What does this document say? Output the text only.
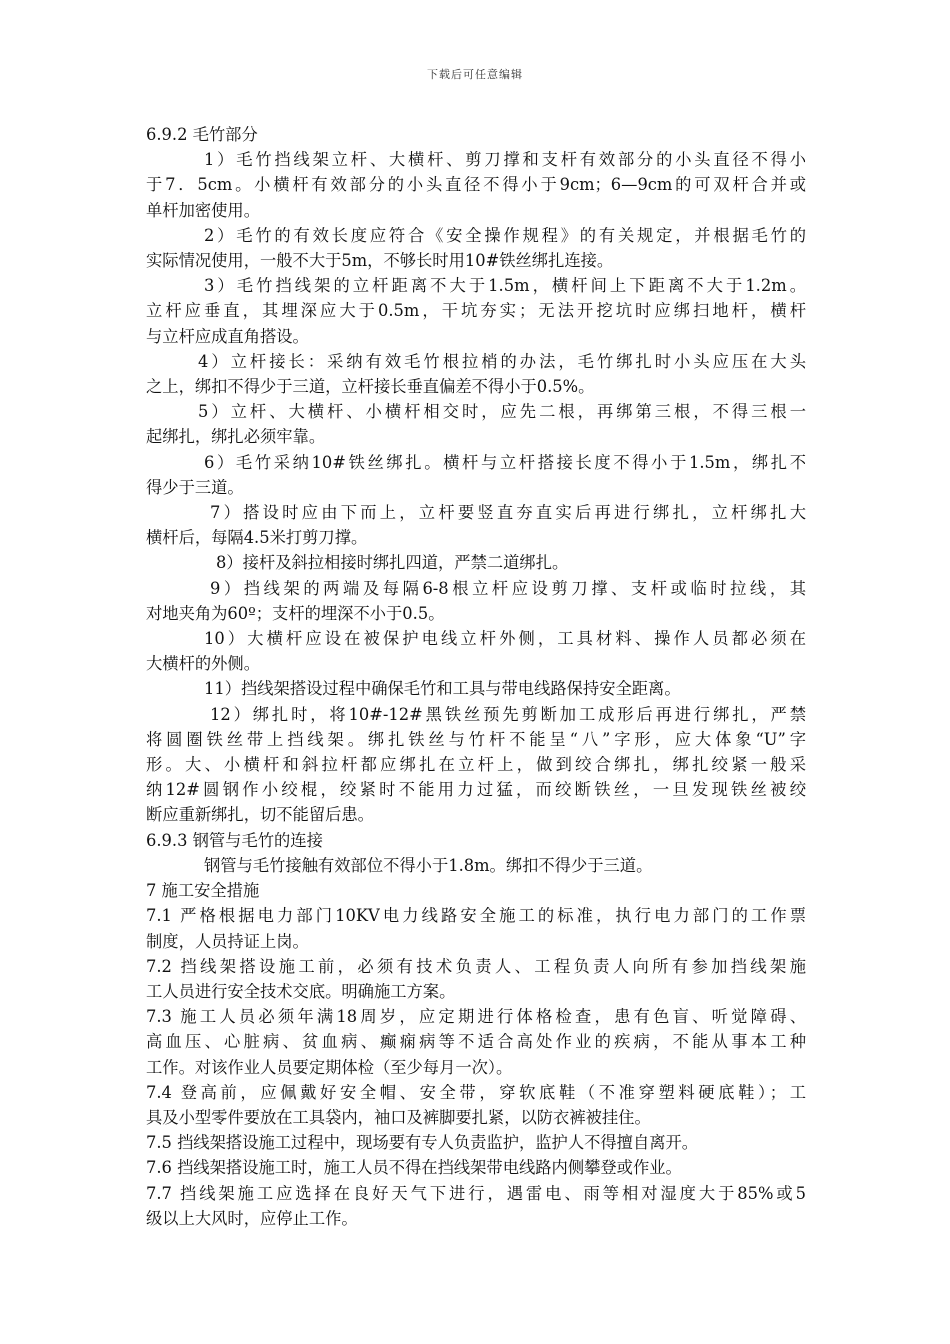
下载后可任意编辑
6.9.2 毛竹部分
1）毛竹挡线架立杆、大横杆、剪刀撑和支杆有效部分的小头直径不得小
于7．5cm。小横杆有效部分的小头直径不得小于9cm；6—9cm的可双杆合并或
单杆加密使用。
2）毛竹的有效长度应符合《安全操作规程》的有关规定，并根据毛竹的
实际情况使用，一般不大于5m，不够长时用10#铁丝绑扎连接。
3）毛竹挡线架的立杆距离不大于1.5m，横杆间上下距离不大于1.2m。
立杆应垂直，其埋深应大于0.5m，干坑夯实；无法开挖坑时应绑扫地杆，横杆
与立杆应成直角搭设。
4）立杆接长：采纳有效毛竹根拉梢的办法，毛竹绑扎时小头应压在大头
之上，绑扣不得少于三道，立杆接长垂直偏差不得小于0.5%。
5）立杆、大横杆、小横杆相交时，应先二根，再绑第三根，不得三根一
起绑扎，绑扎必须牢靠。
6）毛竹采纳10#铁丝绑扎。横杆与立杆搭接长度不得小于1.5m，绑扎不
得少于三道。
7）搭设时应由下而上，立杆要竖直夯直实后再进行绑扎，立杆绑扎大
横杆后，每隔4.5米打剪刀撑。
8）接杆及斜拉相接时绑扎四道，严禁二道绑扎。
9）挡线架的两端及每隔6-8根立杆应设剪刀撑、支杆或临时拉线，其
对地夹角为60º；支杆的埋深不小于0.5。
10）大横杆应设在被保护电线立杆外侧，工具材料、操作人员都必须在
大横杆的外侧。
11）挡线架搭设过程中确保毛竹和工具与带电线路保持安全距离。
12）绑扎时，将10#-12#黑铁丝预先剪断加工成形后再进行绑扎，严禁
将圆圈铁丝带上挡线架。绑扎铁丝与竹杆不能呈“八”字形，应大体象“U”字
形。大、小横杆和斜拉杆都应绑扎在立杆上，做到绞合绑扎，绑扎绞紧一般采
纳12#圆钢作小绞棍，绞紧时不能用力过猛，而绞断铁丝，一旦发现铁丝被绞
断应重新绑扎，切不能留后患。
6.9.3 钢管与毛竹的连接
钢管与毛竹接触有效部位不得小于1.8m。绑扣不得少于三道。
7 施工安全措施
7.1 严格根据电力部门10KV电力线路安全施工的标准，执行电力部门的工作票
制度，人员持证上岗。
7.2 挡线架搭设施工前，必须有技术负责人、工程负责人向所有参加挡线架施
工人员进行安全技术交底。明确施工方案。
7.3 施工人员必须年满18周岁，应定期进行体格检查，患有色盲、听觉障碍、
高血压、心脏病、贫血病、癫痫病等不适合高处作业的疾病，不能从事本工种
工作。对该作业人员要定期体检（至少每月一次）。
7.4 登高前，应佩戴好安全帽、安全带，穿软底鞋（不准穿塑料硬底鞋）；工
具及小型零件要放在工具袋内，袖口及裤脚要扎紧，以防衣裤被挂住。
7.5 挡线架搭设施工过程中，现场要有专人负责监护，监护人不得擅自离开。
7.6 挡线架搭设施工时，施工人员不得在挡线架带电线路内侧攀登或作业。
7.7 挡线架施工应选择在良好天气下进行，遇雷电、雨等相对湿度大于85%或5
级以上大风时，应停止工作。
